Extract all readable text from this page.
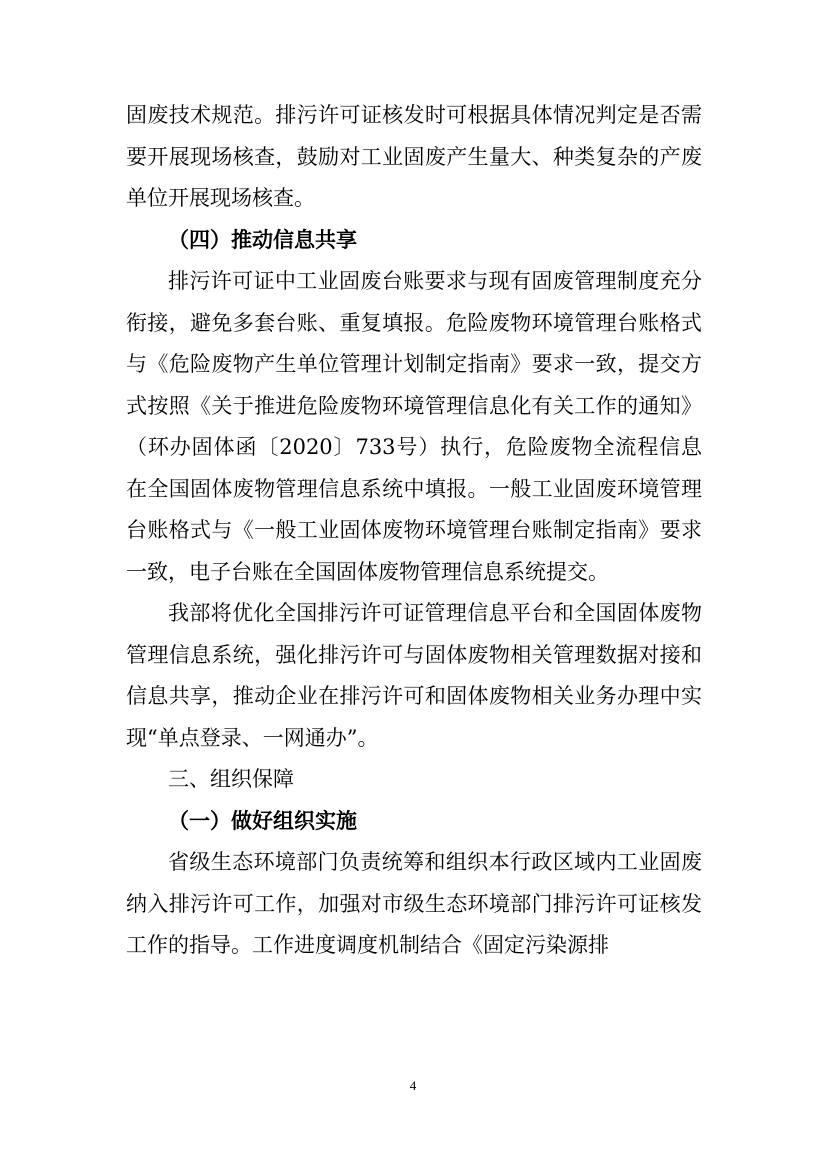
固废技术规范。排污许可证核发时可根据具体情况判定是否需要开展现场核查，鼓励对工业固废产生量大、种类复杂的产废单位开展现场核查。

（四）推动信息共享

排污许可证中工业固废台账要求与现有固废管理制度充分衔接，避免多套台账、重复填报。危险废物环境管理台账格式与《危险废物产生单位管理计划制定指南》要求一致，提交方式按照《关于推进危险废物环境管理信息化有关工作的通知》（环办固体函〔2020〕733号）执行，危险废物全流程信息在全国固体废物管理信息系统中填报。一般工业固废环境管理台账格式与《一般工业固体废物环境管理台账制定指南》要求一致，电子台账在全国固体废物管理信息系统提交。

我部将优化全国排污许可证管理信息平台和全国固体废物管理信息系统，强化排污许可与固体废物相关管理数据对接和信息共享，推动企业在排污许可和固体废物相关业务办理中实现“单点登录、一网通办”。

三、组织保障

（一）做好组织实施

省级生态环境部门负责统筹和组织本行政区域内工业固废纳入排污许可工作，加强对市级生态环境部门排污许可证核发工作的指导。工作进度调度机制结合《固定污染源排

4
